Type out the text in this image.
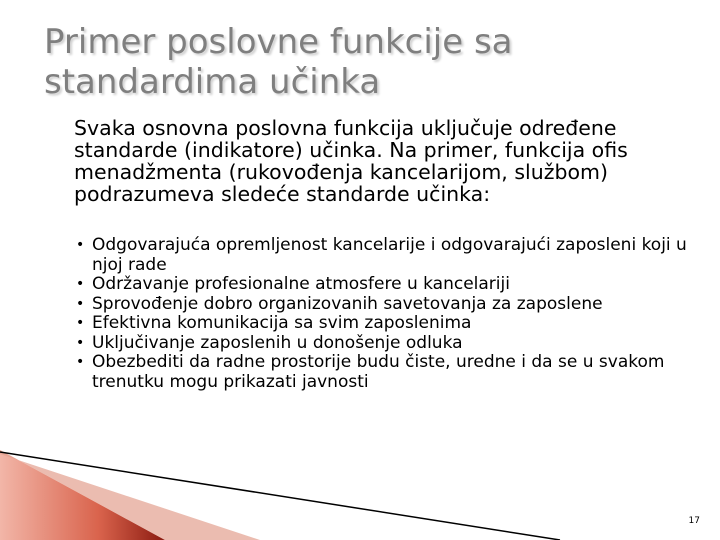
Primer poslovne funkcije sa standardima učinka

Svaka osnovna poslovna funkcija uključuje određene standarde (indikatore) učinka. Na primer, funkcija ofis menadžmenta (rukovođenja kancelarijom, službom) podrazumeva sledeće standarde učinka:

• Odgovarajuća opremljenost kancelarije i odgovarajući zaposleni koji u njoj rade
• Održavanje profesionalne atmosfere u kancelariji
• Sprovođenje dobro organizovanih savetovanja za zaposlene
• Efektivna komunikacija sa svim zaposlenima
• Uključivanje zaposlenih u donošenje odluka
• Obezbediti da radne prostorije budu čiste, uredne i da se u svakom trenutku mogu prikazati javnosti
17
